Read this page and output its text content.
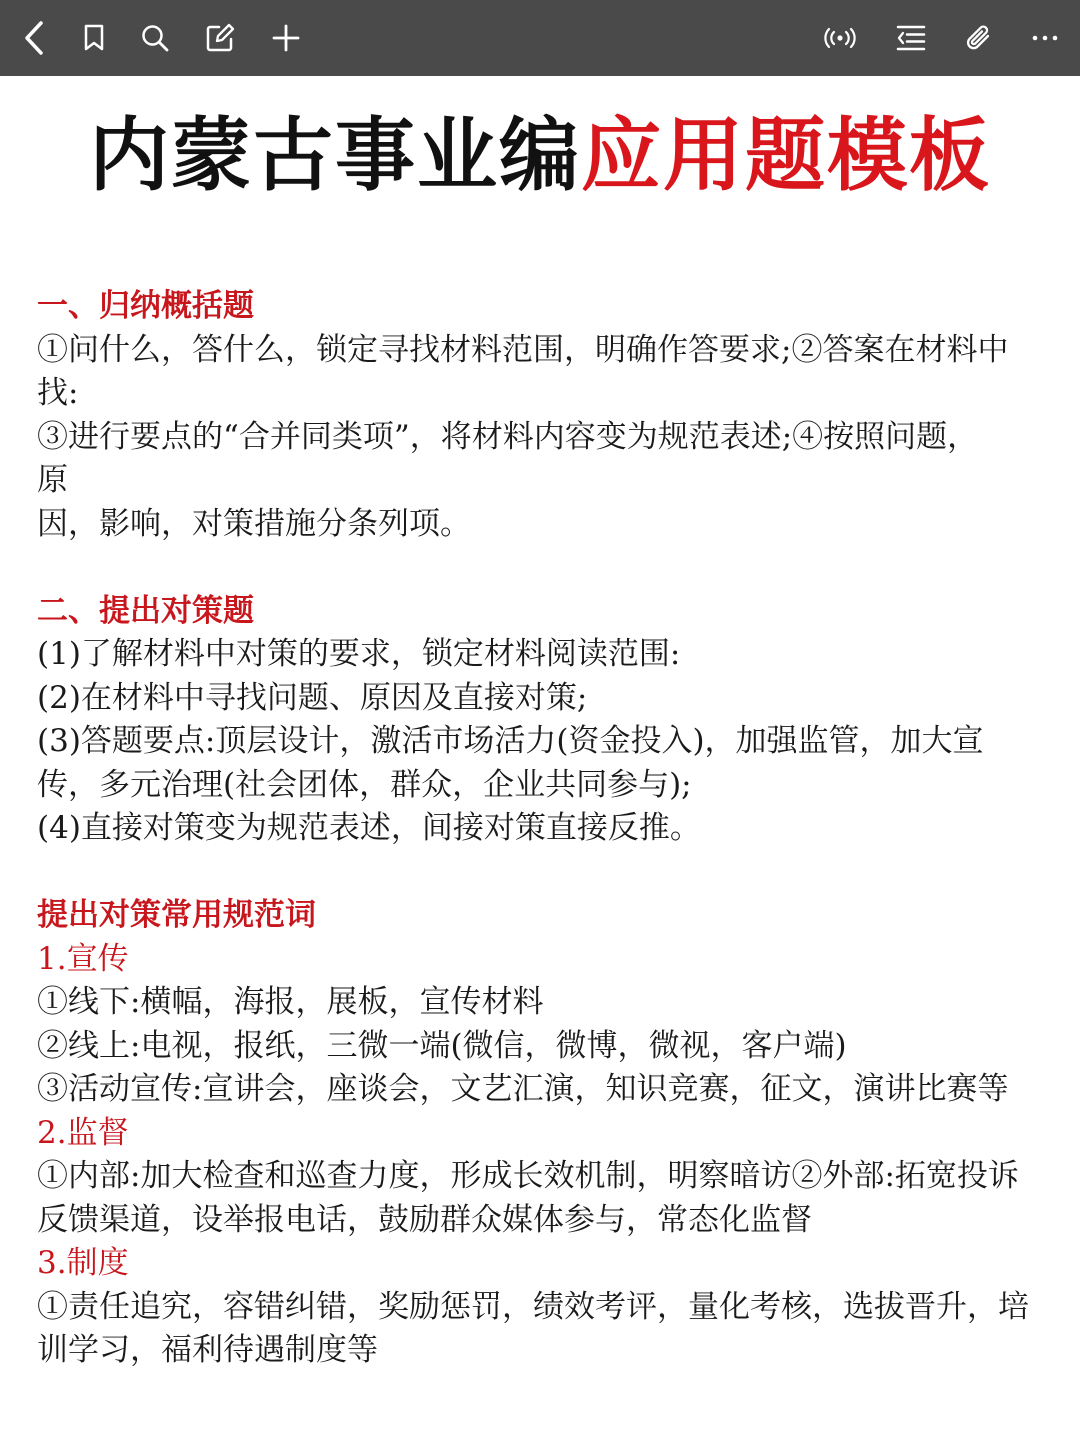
内蒙古事业编应用题模板
一、归纳概括题
①问什么，答什么，锁定寻找材料范围，明确作答要求;②答案在材料中
找:
③进行要点的“合并同类项”，将材料内容变为规范表述;④按照问题，
原
因，影响，对策措施分条列项。
二、提出对策题
(1)了解材料中对策的要求，锁定材料阅读范围:
(2)在材料中寻找问题、原因及直接对策;
(3)答题要点:顶层设计，激活市场活力(资金投入)，加强监管，加大宣
传，多元治理(社会团体，群众，企业共同参与);
(4)直接对策变为规范表述，间接对策直接反推。
提出对策常用规范词
1.宣传
①线下:横幅，海报，展板，宣传材料
②线上:电视，报纸，三微一端(微信，微博，微视，客户端)
③活动宣传:宣讲会，座谈会，文艺汇演，知识竞赛，征文，演讲比赛等
2.监督
①内部:加大检查和巡查力度，形成长效机制，明察暗访②外部:拓宽投诉
反馈渠道，设举报电话，鼓励群众媒体参与，常态化监督
3.制度
①责任追究，容错纠错，奖励惩罚，绩效考评，量化考核，选拔晋升，培
训学习，福利待遇制度等
